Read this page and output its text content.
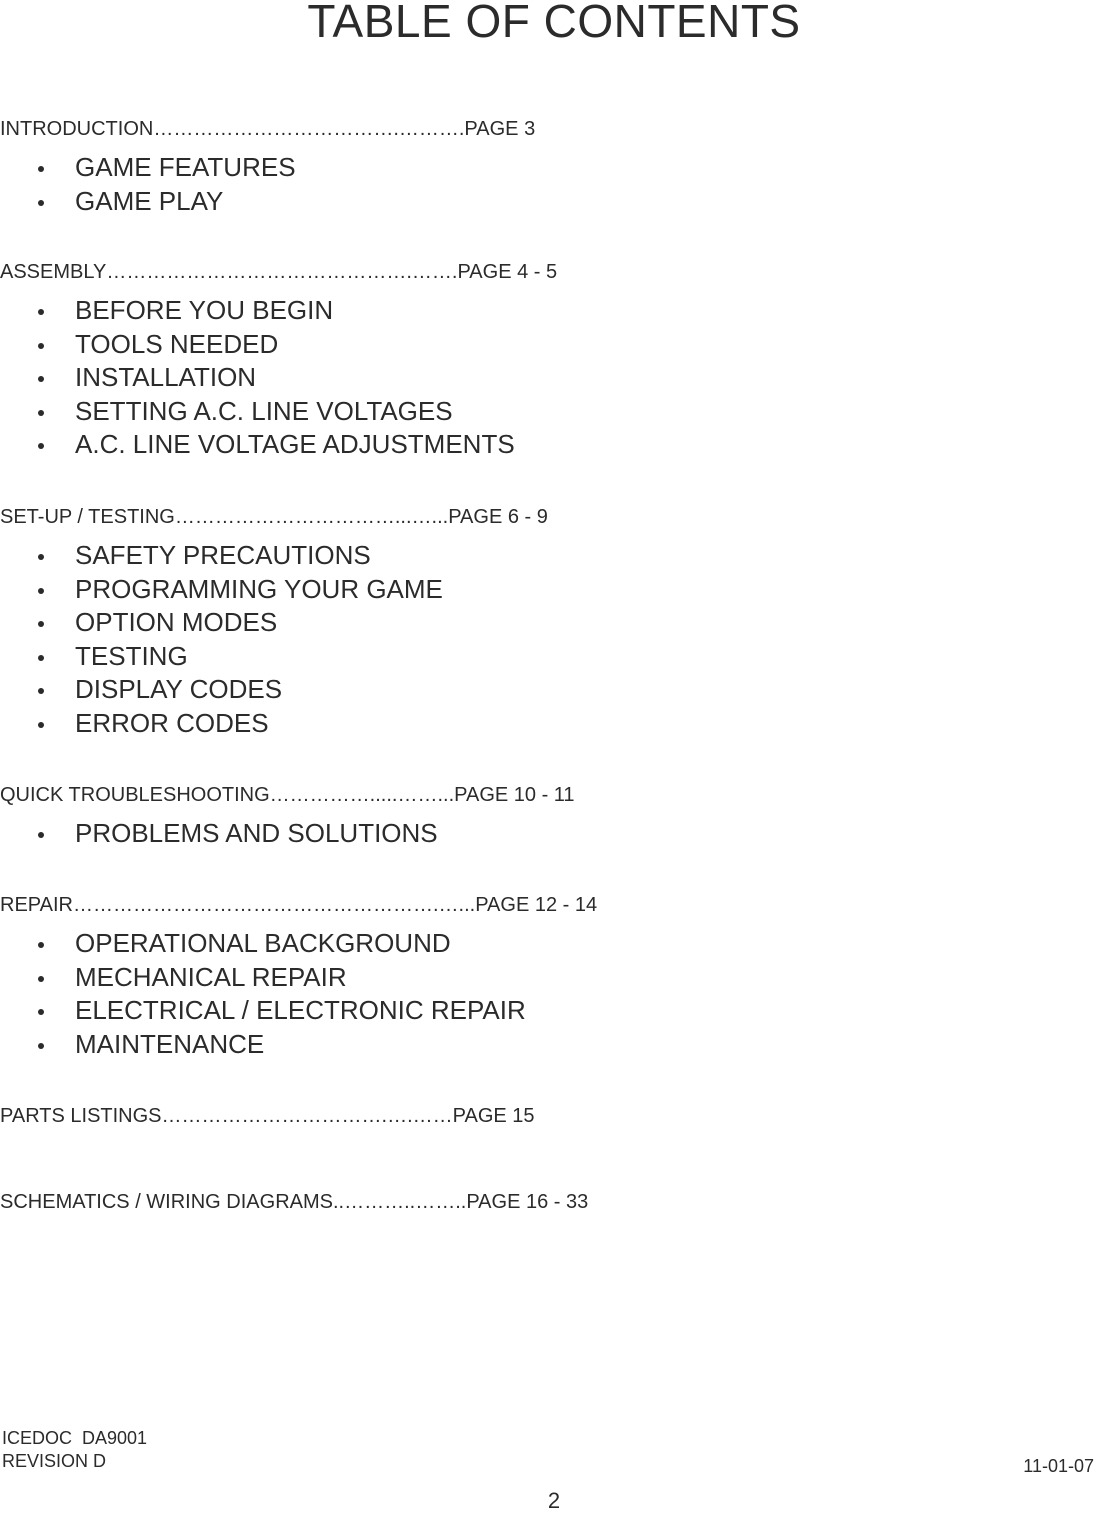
TABLE OF CONTENTS
INTRODUCTION……………………………….……….PAGE 3
GAME FEATURES
GAME PLAY
ASSEMBLY……………………………………….…….PAGE 4 - 5
BEFORE YOU BEGIN
TOOLS NEEDED
INSTALLATION
SETTING A.C. LINE VOLTAGES
A.C. LINE VOLTAGE ADJUSTMENTS
SET-UP / TESTING……………………………...…...PAGE 6 - 9
SAFETY PRECAUTIONS
PROGRAMMING YOUR GAME
OPTION MODES
TESTING
DISPLAY CODES
ERROR CODES
QUICK TROUBLESHOOTING…………….....……...PAGE 10 - 11
PROBLEMS AND SOLUTIONS
REPAIR……………………………………………….…...PAGE 12 - 14
OPERATIONAL BACKGROUND
MECHANICAL REPAIR
ELECTRICAL / ELECTRONIC REPAIR
MAINTENANCE
PARTS LISTINGS…………………………….….……PAGE 15
SCHEMATICS / WIRING DIAGRAMS..………..……..PAGE 16 - 33
ICEDOC  DA9001
REVISION D	11-01-07
2
